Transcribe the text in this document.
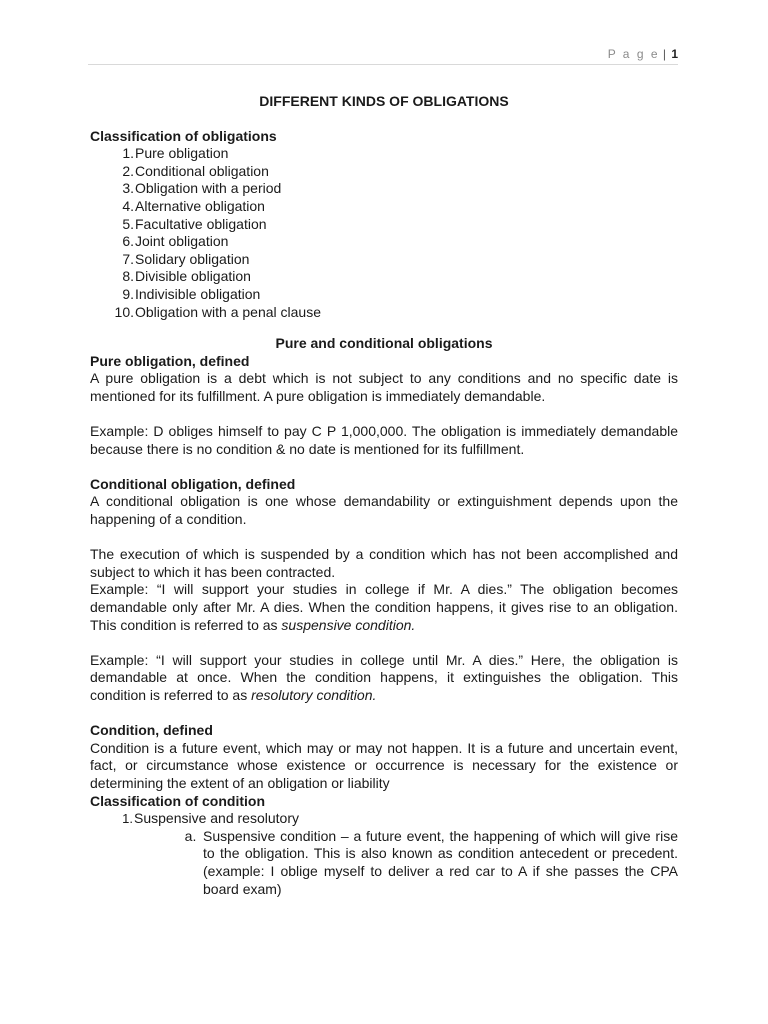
P a g e | 1
DIFFERENT KINDS OF OBLIGATIONS
Classification of obligations
1. Pure obligation
2. Conditional obligation
3. Obligation with a period
4. Alternative obligation
5. Facultative obligation
6. Joint obligation
7. Solidary obligation
8. Divisible obligation
9. Indivisible obligation
10. Obligation with a penal clause
Pure and conditional obligations
Pure obligation, defined

A pure obligation is a debt which is not subject to any conditions and no specific date is mentioned for its fulfillment. A pure obligation is immediately demandable.

Example: D obliges himself to pay C P 1,000,000. The obligation is immediately demandable because there is no condition & no date is mentioned for its fulfillment.

Conditional obligation, defined

A conditional obligation is one whose demandability or extinguishment depends upon the happening of a condition.

The execution of which is suspended by a condition which has not been accomplished and subject to which it has been contracted.

Example: “I will support your studies in college if Mr. A dies.” The obligation becomes demandable only after Mr. A dies. When the condition happens, it gives rise to an obligation. This condition is referred to as suspensive condition.

Example: “I will support your studies in college until Mr. A dies.” Here, the obligation is demandable at once. When the condition happens, it extinguishes the obligation. This condition is referred to as resolutory condition.

Condition, defined

Condition is a future event, which may or may not happen. It is a future and uncertain event, fact, or circumstance whose existence or occurrence is necessary for the existence or determining the extent of an obligation or liability

Classification of condition
1. Suspensive and resolutory
a. Suspensive condition – a future event, the happening of which will give rise to the obligation. This is also known as condition antecedent or precedent. (example: I oblige myself to deliver a red car to A if she passes the CPA board exam)
